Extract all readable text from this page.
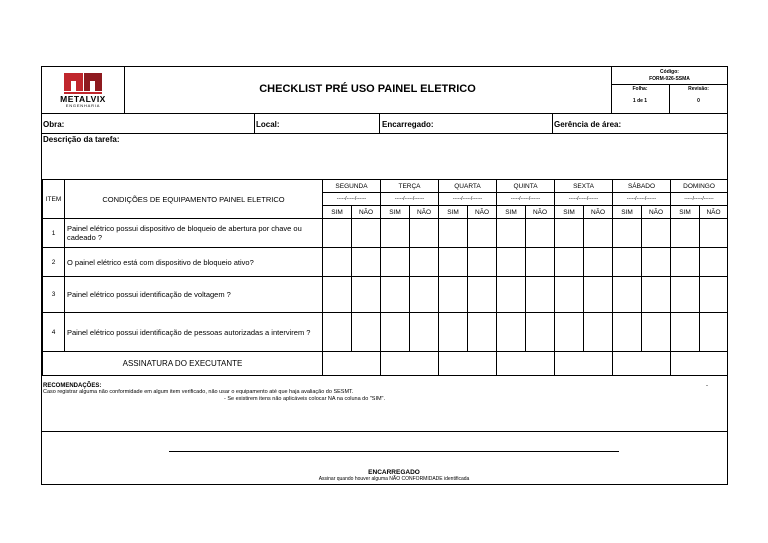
METALVIX
ENGENHARIA
CHECKLIST PRÉ USO PAINEL ELETRICO
Código:
FORM-026-SSMA
Folha:	Revisão:
1 de 1	0
Obra:	Local:	Encarregado:	Gerência de área:
Descrição da tarefa:
ITEM	CONDIÇÕES DE EQUIPAMENTO PAINEL ELETRICO	SEGUNDA		TERÇA		QUARTA		QUINTA		SEXTA		SÁBADO		DOMINGO	
		-----/-----/------		-----/-----/------		-----/-----/------		-----/-----/------		-----/-----/------		-----/-----/------		-----/-----/------	
		SIM	NÃO	SIM	NÃO	SIM	NÃO	SIM	NÃO	SIM	NÃO	SIM	NÃO	SIM	NÃO
1	Painel elétrico possui dispositivo de bloqueio de abertura por chave ou cadeado ?														
2	O painel elétrico está com dispositivo de bloqueio ativo?														
3	Painel elétrico possui identificação de voltagem ?														
4	Painel elétrico possui identificação de pessoas autorizadas a intervirem ?														
ASSINATURA DO EXECUTANTE															
RECOMENDAÇÕES:
Caso registrar alguma não conformidade em algum item verificado, não usar o equipamento até que haja avaliação do SESMT.
- Se existirem itens não aplicáveis colocar NA na coluna do "SIM".
-
ENCARREGADO
Assinar quando houver alguma NÃO CONFORMIDADE identificada
